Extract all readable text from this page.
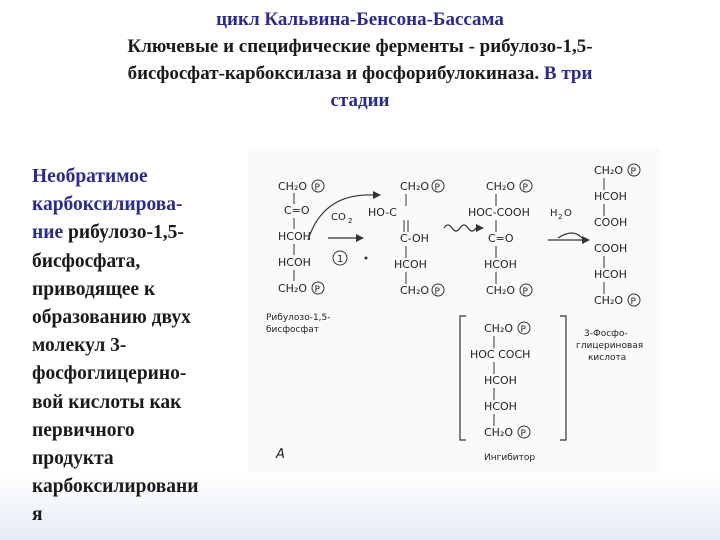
цикл Кальвина-Бенсона-Бассама
Ключевые и специфические ферменты - рибулозо-1,5-
бисфосфат-карбоксилаза и фосфорибулокиназа. В три
стадии
Необратимое
карбоксилирова-
ние рибулозо-1,5-
бисфосфата,
приводящее к
образованию двух
молекул 3-
фосфоглицерино-
вой кислоты как
первичного
продукта
карбоксилировани
я
CH₂O
C=O
HCOH
HCOH
CH₂O
P
P
CO 2
1
CH₂O
HO-C
C-OH
HCOH
CH₂O
P
P
CH₂O
HOC-COOH
C=O
HCOH
CH₂O
P
P
H 2 O
CH₂O
HCOH
COOH
COOH
HCOH
CH₂O
P
P
Рибулозо-1,5-
бисфосфат	3-Фосфо-
глицериновая
кислота
CH₂O
HOC COCH
HCOH
HCOH
CH₂O
P
P
Ингибитор
A
